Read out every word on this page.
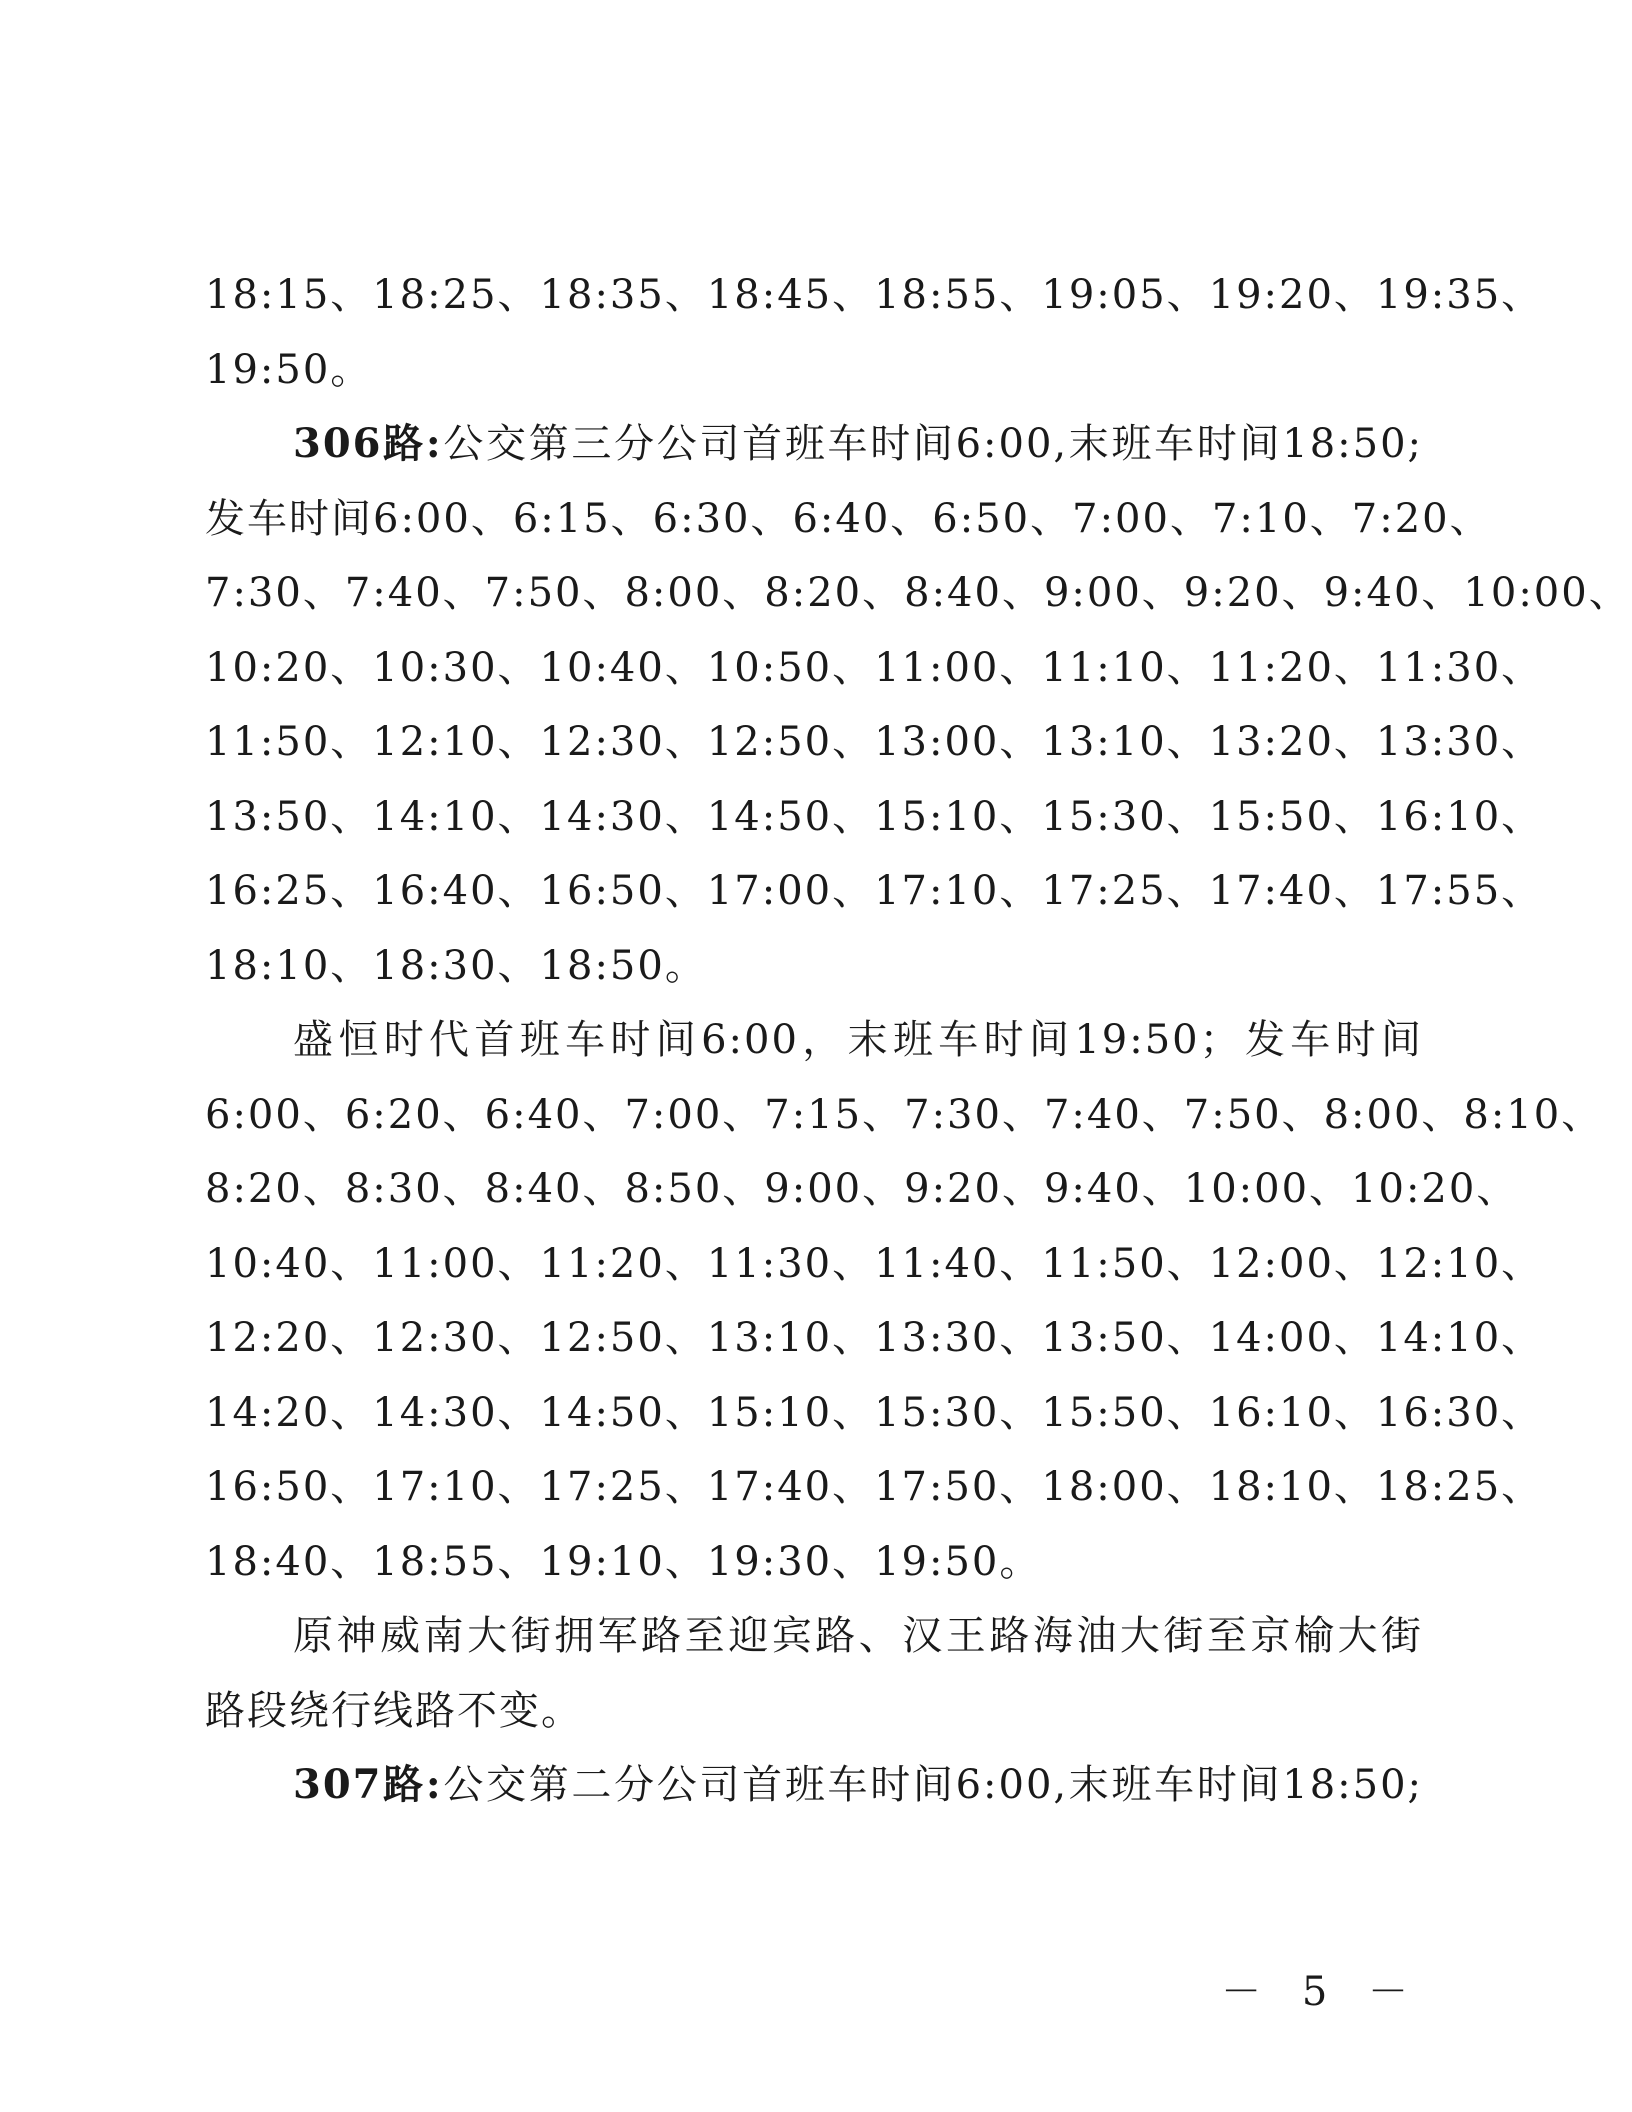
18:15、18:25、18:35、18:45、18:55、19:05、19:20、19:35、
19:50。
306路:公交第三分公司首班车时间6:00,末班车时间18:50;
发车时间6:00、6:15、6:30、6:40、6:50、7:00、7:10、7:20、
7:30、7:40、7:50、8:00、8:20、8:40、9:00、9:20、9:40、10:00、
10:20、10:30、10:40、10:50、11:00、11:10、11:20、11:30、
11:50、12:10、12:30、12:50、13:00、13:10、13:20、13:30、
13:50、14:10、14:30、14:50、15:10、15:30、15:50、16:10、
16:25、16:40、16:50、17:00、17:10、17:25、17:40、17:55、
18:10、18:30、18:50。
盛恒时代首班车时间6:00，末班车时间19:50；发车时间
6:00、6:20、6:40、7:00、7:15、7:30、7:40、7:50、8:00、8:10、
8:20、8:30、8:40、8:50、9:00、9:20、9:40、10:00、10:20、
10:40、11:00、11:20、11:30、11:40、11:50、12:00、12:10、
12:20、12:30、12:50、13:10、13:30、13:50、14:00、14:10、
14:20、14:30、14:50、15:10、15:30、15:50、16:10、16:30、
16:50、17:10、17:25、17:40、17:50、18:00、18:10、18:25、
18:40、18:55、19:10、19:30、19:50。
原神威南大街拥军路至迎宾路、汉王路海油大街至京榆大街
路段绕行线路不变。
307路:公交第二分公司首班车时间6:00,末班车时间18:50;
－ 5 －
